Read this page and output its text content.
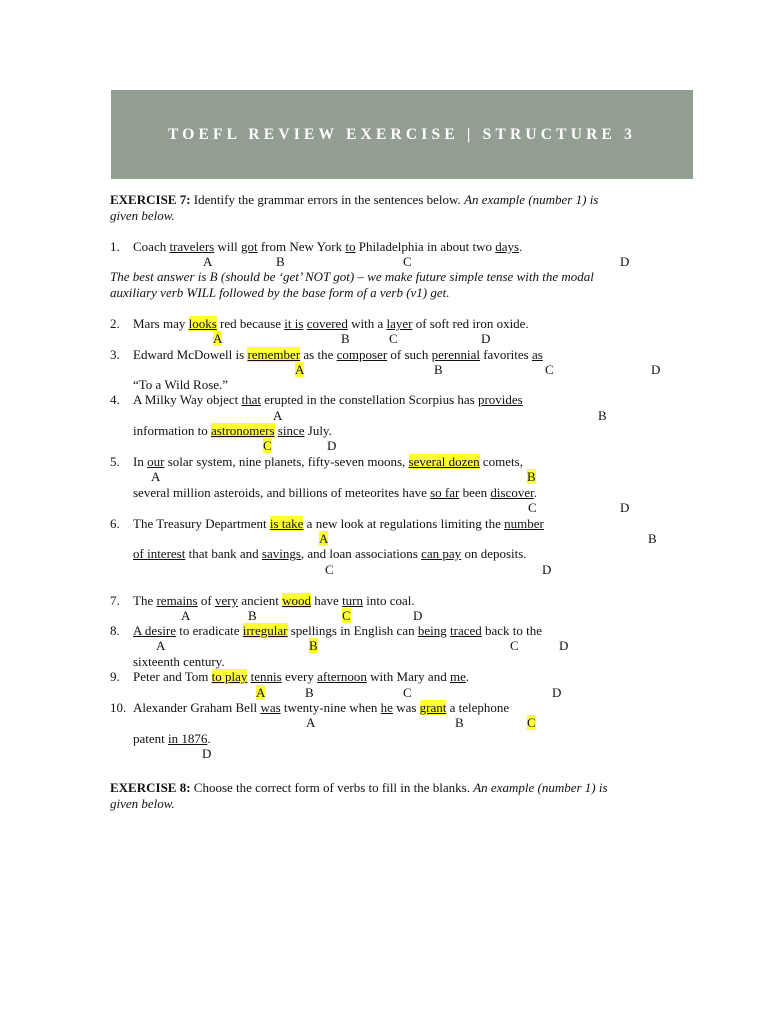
TOEFL REVIEW EXERCISE | STRUCTURE 3
EXERCISE 7: Identify the grammar errors in the sentences below. An example (number 1) is
given below.
1. Coach travelers will got from New York to Philadelphia in about two days.
A	B	C	D
The best answer is B (should be ‘get’ NOT got) – we make future simple tense with the modal
auxiliary verb WILL followed by the base form of a verb (v1) get.
2. Mars may looks red because it is covered with a layer of soft red iron oxide.
A	B	C	D
3. Edward McDowell is remember as the composer of such perennial favorites as
A	B	C	D
“To a Wild Rose.”
4. A Milky Way object that erupted in the constellation Scorpius has provides
A	B
information to astronomers since July.
C	D
5. In our solar system, nine planets, fifty-seven moons, several dozen comets,
A	B
several million asteroids, and billions of meteorites have so far been discover.
C	D
6. The Treasury Department is take a new look at regulations limiting the number
A	B
of interest that bank and savings, and loan associations can pay on deposits.
C	D
7. The remains of very ancient wood have turn into coal.
A	B	C	D
8. A desire to eradicate irregular spellings in English can being traced back to the
A	B	C	D
sixteenth century.
9. Peter and Tom to play tennis every afternoon with Mary and me.
A	B	C	D
10. Alexander Graham Bell was twenty-nine when he was grant a telephone
A	B	C
patent in 1876.
D
EXERCISE 8: Choose the correct form of verbs to fill in the blanks. An example (number 1) is
given below.
